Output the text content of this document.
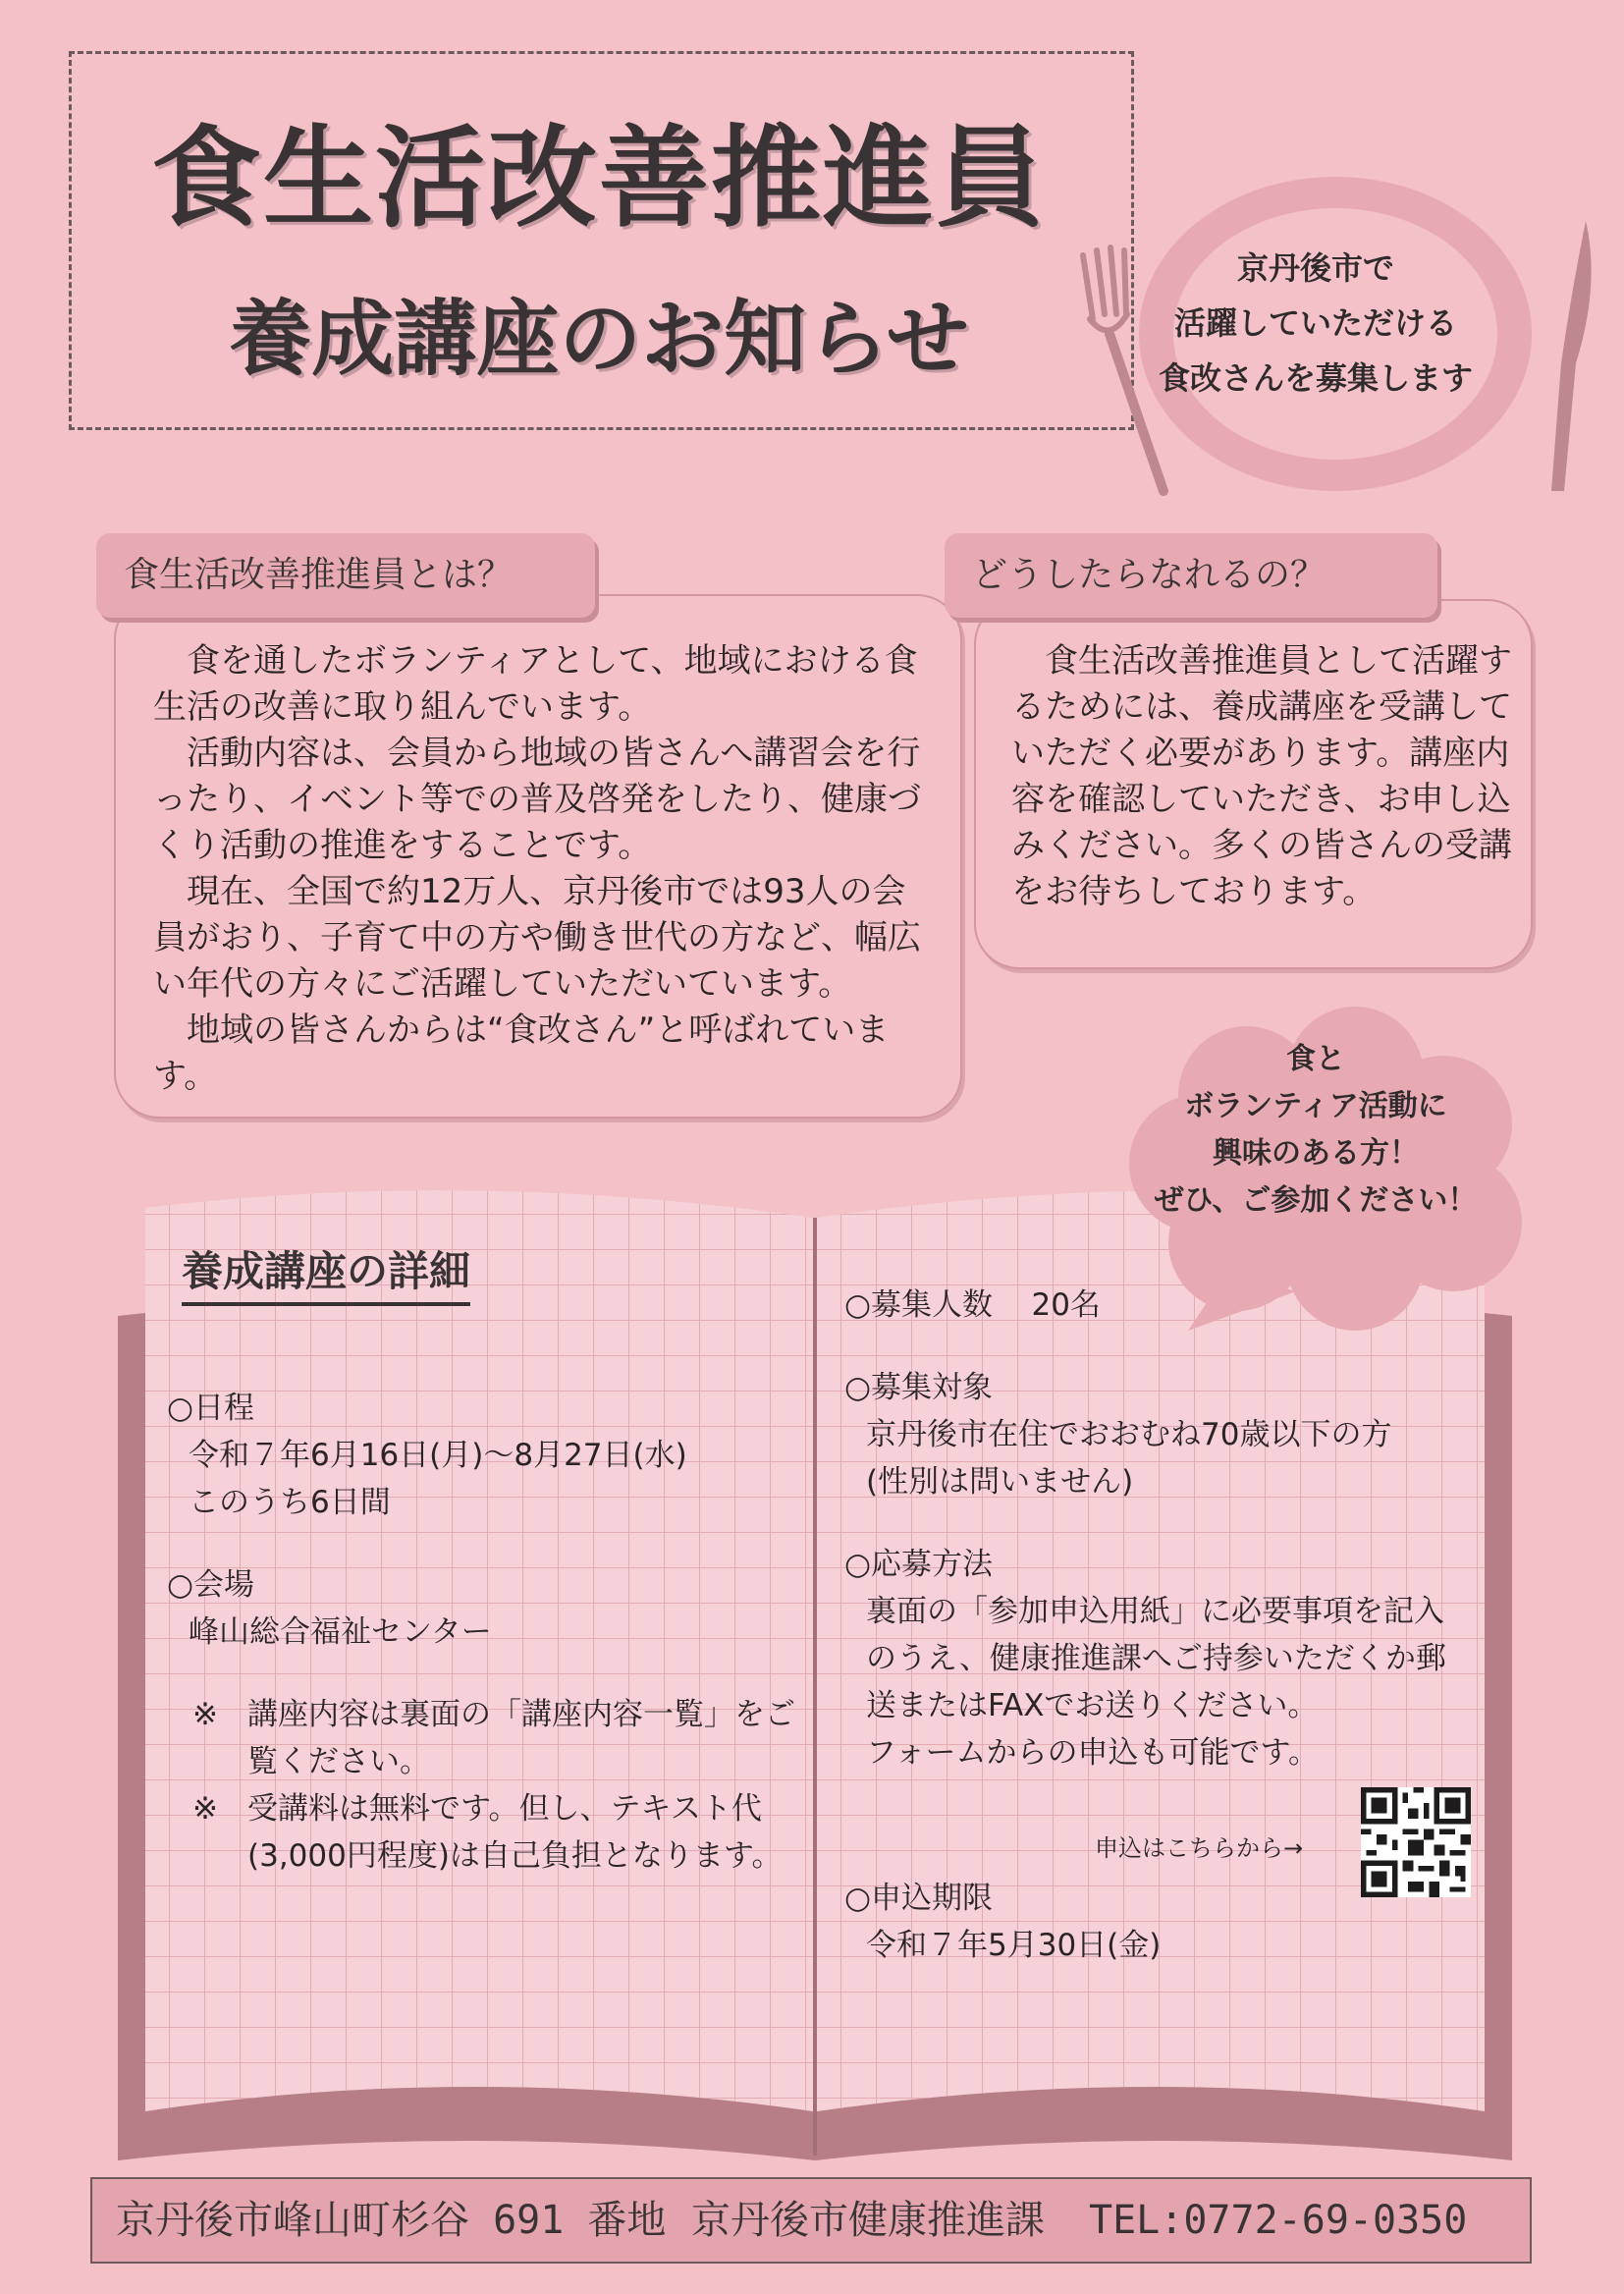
食生活改善推進員
養成講座のお知らせ
京丹後市で
活躍していただける
食改さんを募集します
食生活改善推進員とは？

食を通したボランティアとして、地域における食生活の改善に取り組んでいます。

活動内容は、会員から地域の皆さんへ講習会を行ったり、イベント等での普及啓発をしたり、健康づくり活動の推進をすることです。

現在、全国で約12万人、京丹後市では93人の会員がおり、子育て中の方や働き世代の方など、幅広い年代の方々にご活躍していただいています。

地域の皆さんからは“食改さん”と呼ばれています。

どうしたらなれるの？

食生活改善推進員として活躍するためには、養成講座を受講していただく必要があります。講座内容を確認していただき、お申し込みください。多くの皆さんの受講をお待ちしております。

食と
ボランティア活動に
興味のある方！
ぜひ、ご参加ください！
養成講座の詳細

○日程

令和７年6月16日(月)～8月27日(水)

このうち6日間

○会場

峰山総合福祉センター

※ 講座内容は裏面の「講座内容一覧」をご覧ください。
※ 受講料は無料です。但し、テキスト代(3,000円程度)は自己負担となります。

○募集人数 20名

○募集対象

京丹後市在住でおおむね70歳以下の方

(性別は問いません)

○応募方法

裏面の「参加申込用紙」に必要事項を記入のうえ、健康推進課へご持参いただくか郵送またはFAXでお送りください。

フォームからの申込も可能です。

○申込期限

令和７年5月30日(金)

申込はこちらから→
京丹後市峰山町杉谷 691 番地 京丹後市健康推進課 TEL:0772-69-0350
